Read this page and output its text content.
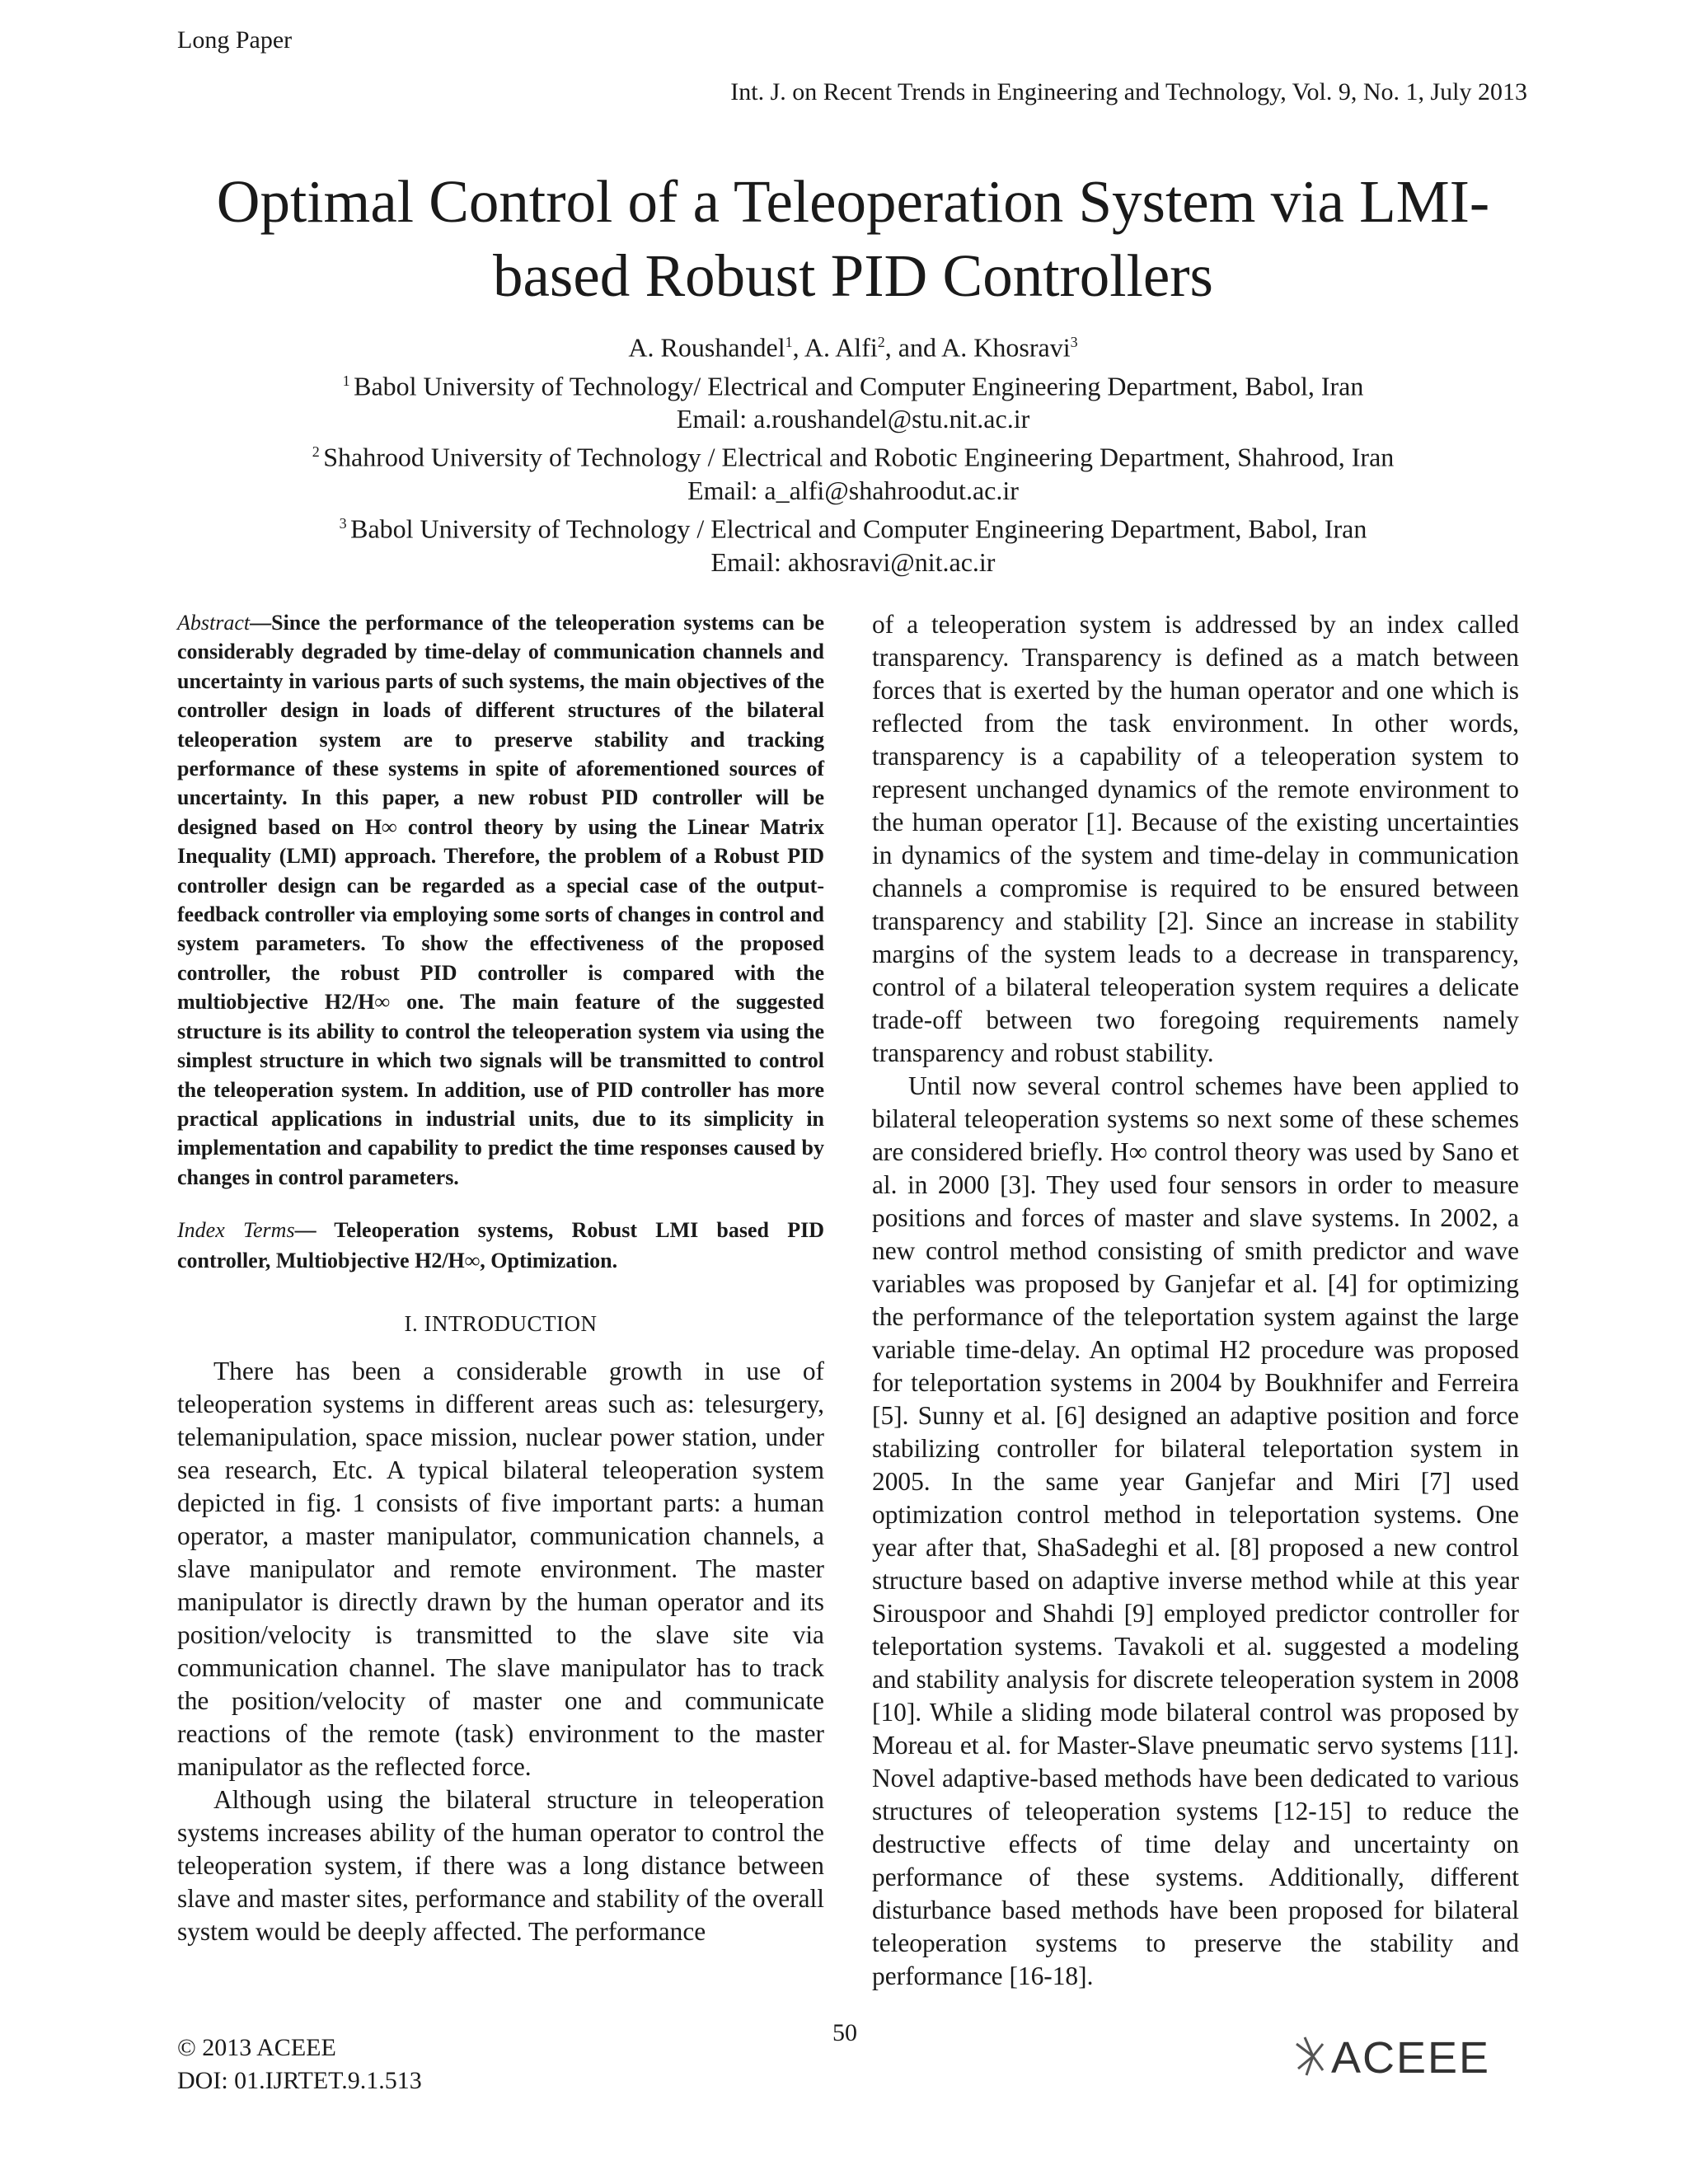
Long Paper
Int. J. on Recent Trends in Engineering and Technology, Vol. 9, No. 1, July 2013
Optimal Control of a Teleoperation System via LMI-
based Robust PID Controllers
A. Roushandel$^1$, A. Alfi$^2$, and A. Khosravi$^3$
$^1$ Babol University of Technology/ Electrical and Computer Engineering Department, Babol, Iran
Email: a.roushandel@stu.nit.ac.ir
$^2$ Shahrood University of Technology / Electrical and Robotic Engineering Department, Shahrood, Iran
Email: a_alfi@shahroodut.ac.ir
$^3$ Babol University of Technology / Electrical and Computer Engineering Department, Babol, Iran
Email: akhosravi@nit.ac.ir

Abstract—Since the performance of the teleoperation systems can be considerably degraded by time-delay of communication channels and uncertainty in various parts of such systems, the main objectives of the controller design in loads of different structures of the bilateral teleoperation system are to preserve stability and tracking performance of these systems in spite of aforementioned sources of uncertainty. In this paper, a new robust PID controller will be designed based on H∞ control theory by using the Linear Matrix Inequality (LMI) approach. Therefore, the problem of a Robust PID controller design can be regarded as a special case of the output-feedback controller via employing some sorts of changes in control and system parameters. To show the effectiveness of the proposed controller, the robust PID controller is compared with the multiobjective H2/H∞ one. The main feature of the suggested structure is its ability to control the teleoperation system via using the simplest structure in which two signals will be transmitted to control the teleoperation system. In addition, use of PID controller has more practical applications in industrial units, due to its simplicity in implementation and capability to predict the time responses caused by changes in control parameters.

Index Terms— Teleoperation systems, Robust LMI based PID controller, Multiobjective H2/H∞, Optimization.

I. INTRODUCTION

There has been a considerable growth in use of teleoperation systems in different areas such as: telesurgery, telemanipulation, space mission, nuclear power station, under sea research, Etc. A typical bilateral teleoperation system depicted in fig. 1 consists of five important parts: a human operator, a master manipulator, communication channels, a slave manipulator and remote environment. The master manipulator is directly drawn by the human operator and its position/velocity is transmitted to the slave site via communication channel. The slave manipulator has to track the position/velocity of master one and communicate reactions of the remote (task) environment to the master manipulator as the reflected force.

Although using the bilateral structure in teleoperation systems increases ability of the human operator to control the teleoperation system, if there was a long distance between slave and master sites, performance and stability of the overall system would be deeply affected. The performance

of a teleoperation system is addressed by an index called transparency. Transparency is defined as a match between forces that is exerted by the human operator and one which is reflected from the task environment. In other words, transparency is a capability of a teleoperation system to represent unchanged dynamics of the remote environment to the human operator [1]. Because of the existing uncertainties in dynamics of the system and time-delay in communication channels a compromise is required to be ensured between transparency and stability [2]. Since an increase in stability margins of the system leads to a decrease in transparency, control of a bilateral teleoperation system requires a delicate trade-off between two foregoing requirements namely transparency and robust stability.

Until now several control schemes have been applied to bilateral teleoperation systems so next some of these schemes are considered briefly. H∞ control theory was used by Sano et al. in 2000 [3]. They used four sensors in order to measure positions and forces of master and slave systems. In 2002, a new control method consisting of smith predictor and wave variables was proposed by Ganjefar et al. [4] for optimizing the performance of the teleportation system against the large variable time-delay. An optimal H2 procedure was proposed for teleportation systems in 2004 by Boukhnifer and Ferreira [5]. Sunny et al. [6] designed an adaptive position and force stabilizing controller for bilateral teleportation system in 2005. In the same year Ganjefar and Miri [7] used optimization control method in teleportation systems. One year after that, ShaSadeghi et al. [8] proposed a new control structure based on adaptive inverse method while at this year Sirouspoor and Shahdi [9] employed predictor controller for teleportation systems. Tavakoli et al. suggested a modeling and stability analysis for discrete teleoperation system in 2008 [10]. While a sliding mode bilateral control was proposed by Moreau et al. for Master-Slave pneumatic servo systems [11]. Novel adaptive-based methods have been dedicated to various structures of teleoperation systems [12-15] to reduce the destructive effects of time delay and uncertainty on performance of these systems. Additionally, different disturbance based methods have been proposed for bilateral teleoperation systems to preserve the stability and performance [16-18].

© 2013 ACEEE
DOI: 01.IJRTET.9.1.513
50
ACEEE
